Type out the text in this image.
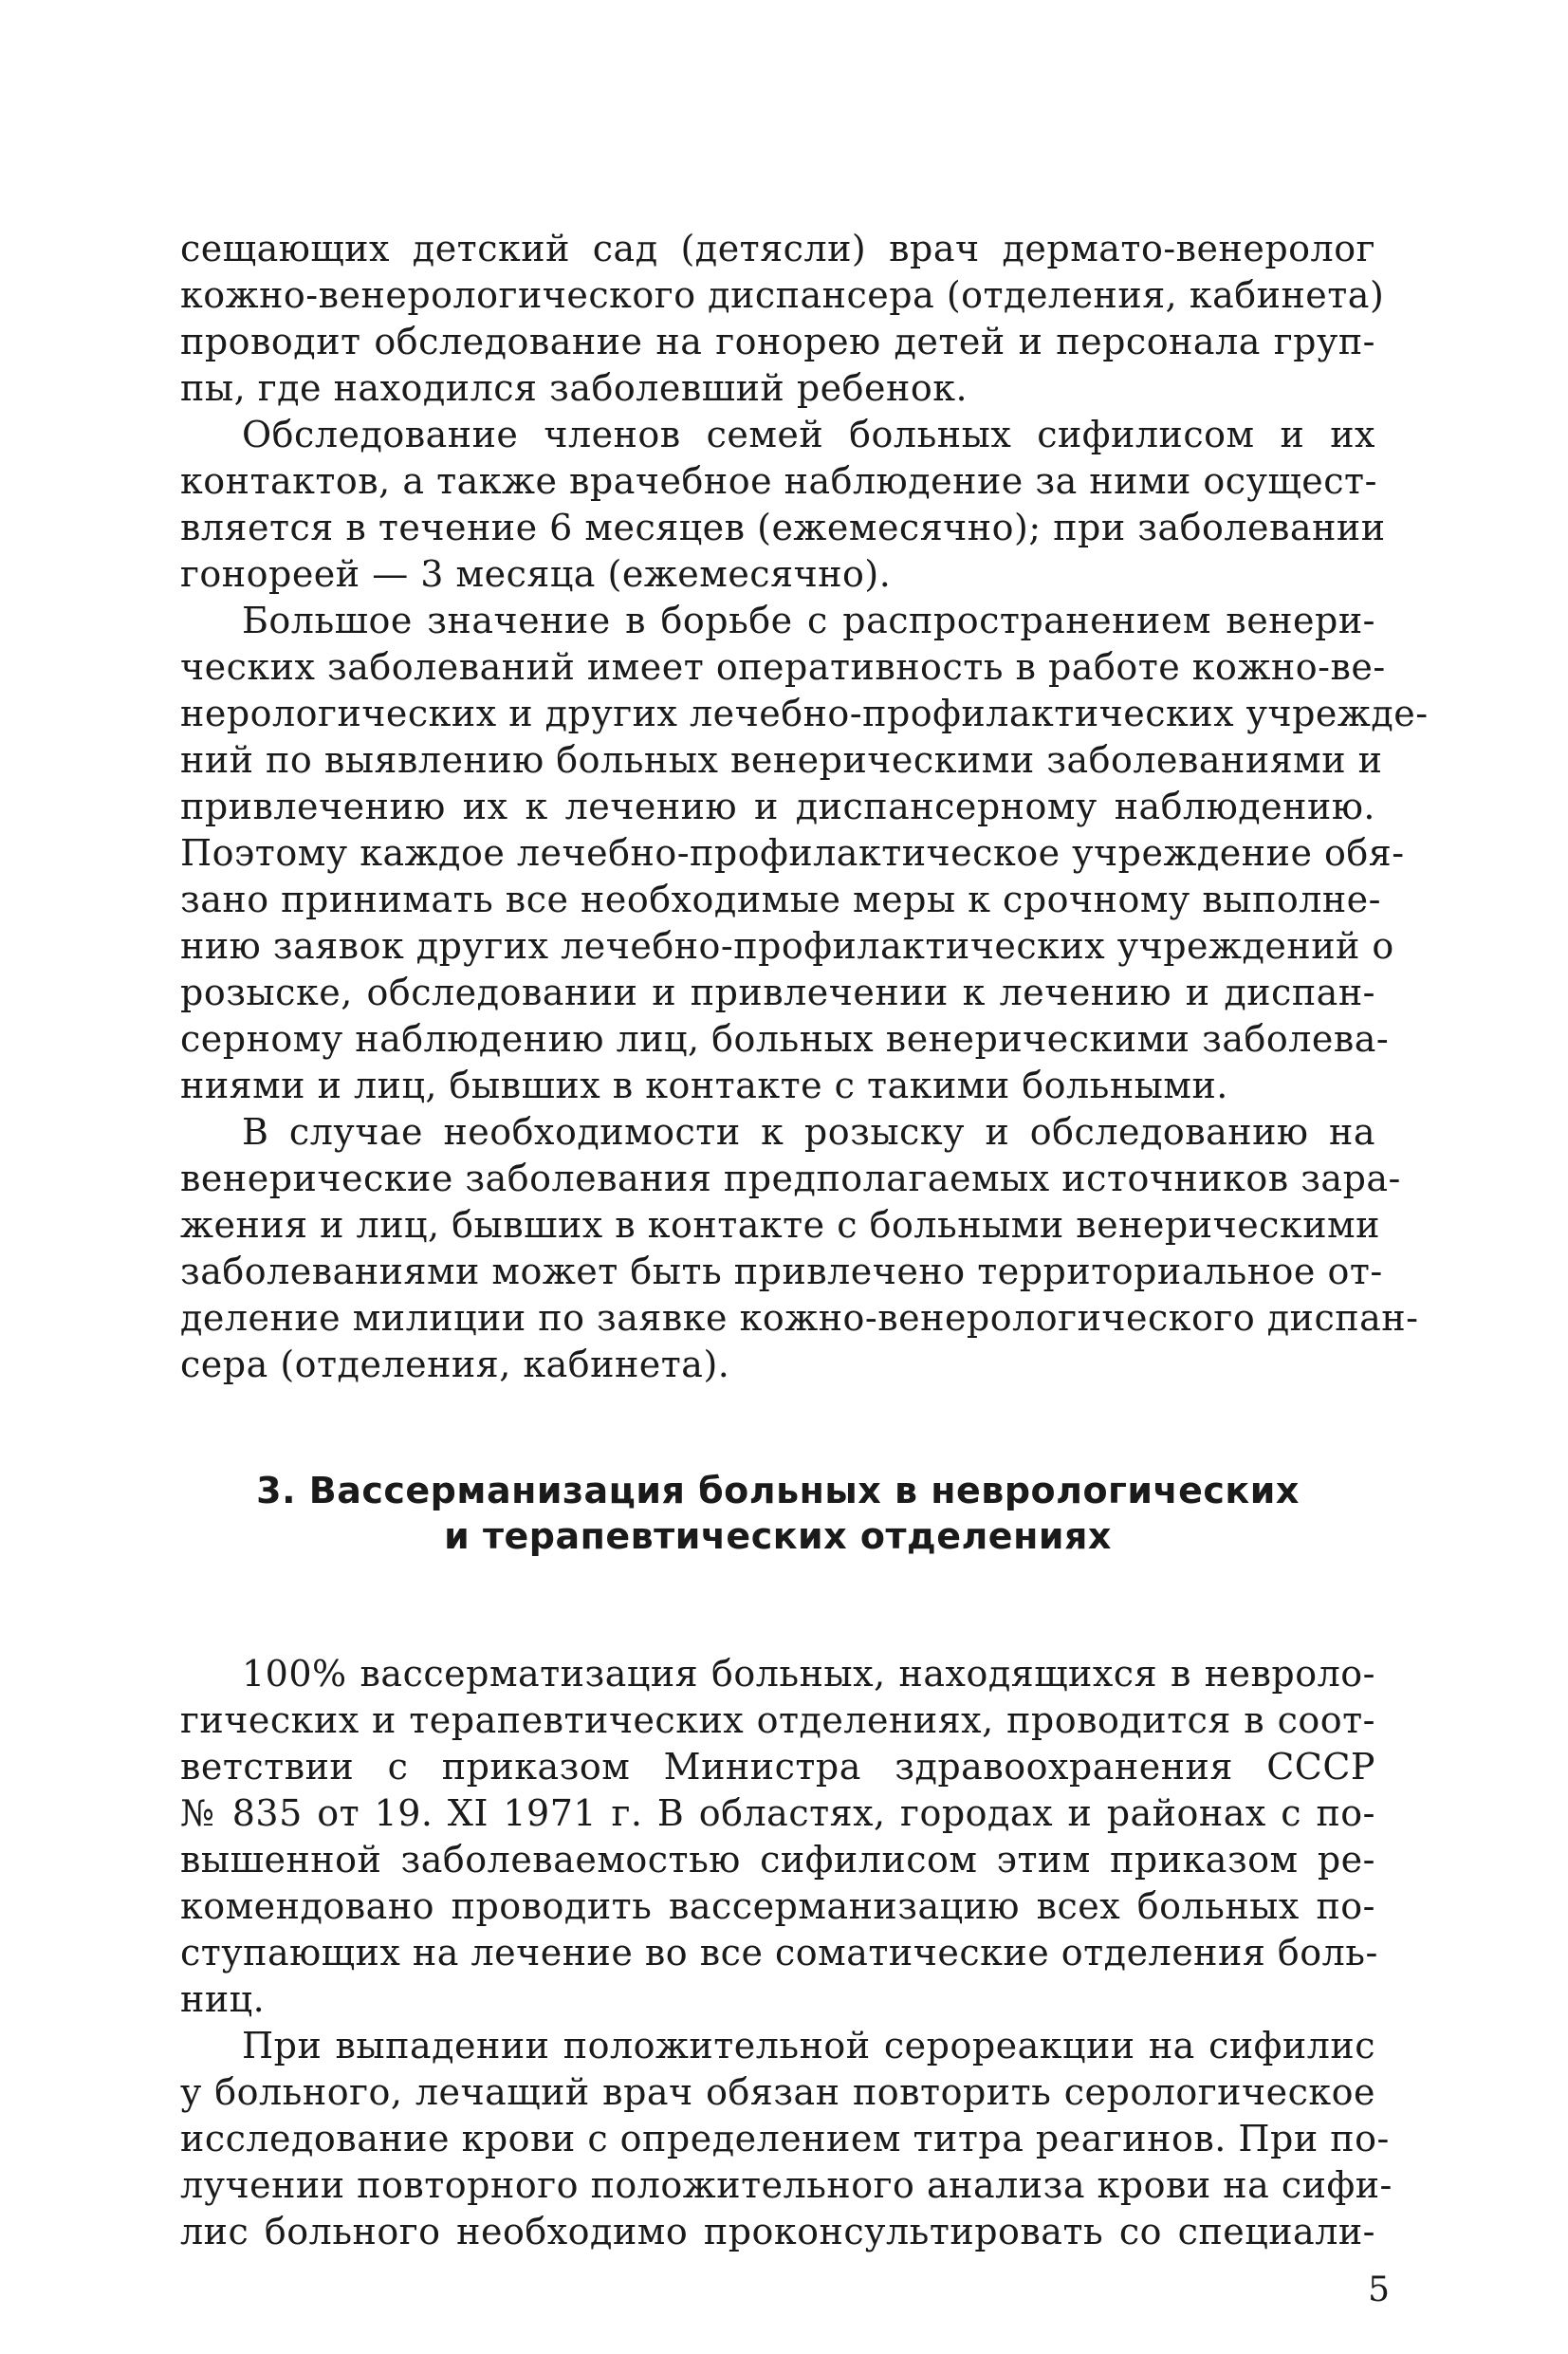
сещающих детский сад (детясли) врач дермато-венеролог
кожно-венерологического диспансера (отделения, кабинета)
проводит обследование на гонорею детей и персонала груп-
пы, где находился заболевший ребенок.
Обследование членов семей больных сифилисом и их
контактов, а также врачебное наблюдение за ними осущест-
вляется в течение 6 месяцев (ежемесячно); при заболевании
гонореей — 3 месяца (ежемесячно).
Большое значение в борьбе с распространением венери-
ческих заболеваний имеет оперативность в работе кожно-ве-
нерологических и других лечебно-профилактических учрежде-
ний по выявлению больных венерическими заболеваниями и
привлечению их к лечению и диспансерному наблюдению.
Поэтому каждое лечебно-профилактическое учреждение обя-
зано принимать все необходимые меры к срочному выполне-
нию заявок других лечебно-профилактических учреждений о
розыске, обследовании и привлечении к лечению и диспан-
серному наблюдению лиц, больных венерическими заболева-
ниями и лиц, бывших в контакте с такими больными.
В случае необходимости к розыску и обследованию на
венерические заболевания предполагаемых источников зара-
жения и лиц, бывших в контакте с больными венерическими
заболеваниями может быть привлечено территориальное от-
деление милиции по заявке кожно-венерологического диспан-
сера (отделения, кабинета).
3. Вассерманизация больных в неврологических
и терапевтических отделениях
100% вассерматизация больных, находящихся в невроло-
гических и терапевтических отделениях, проводится в соот-
ветствии с приказом Министра здравоохранения СССР
№ 835 от 19. XI 1971 г. В областях, городах и районах с по-
вышенной заболеваемостью сифилисом этим приказом ре-
комендовано проводить вассерманизацию всех больных по-
ступающих на лечение во все соматические отделения боль-
ниц.
При выпадении положительной серореакции на сифилис
у больного, лечащий врач обязан повторить серологическое
исследование крови с определением титра реагинов. При по-
лучении повторного положительного анализа крови на сифи-
лис больного необходимо проконсультировать со специали-
5
